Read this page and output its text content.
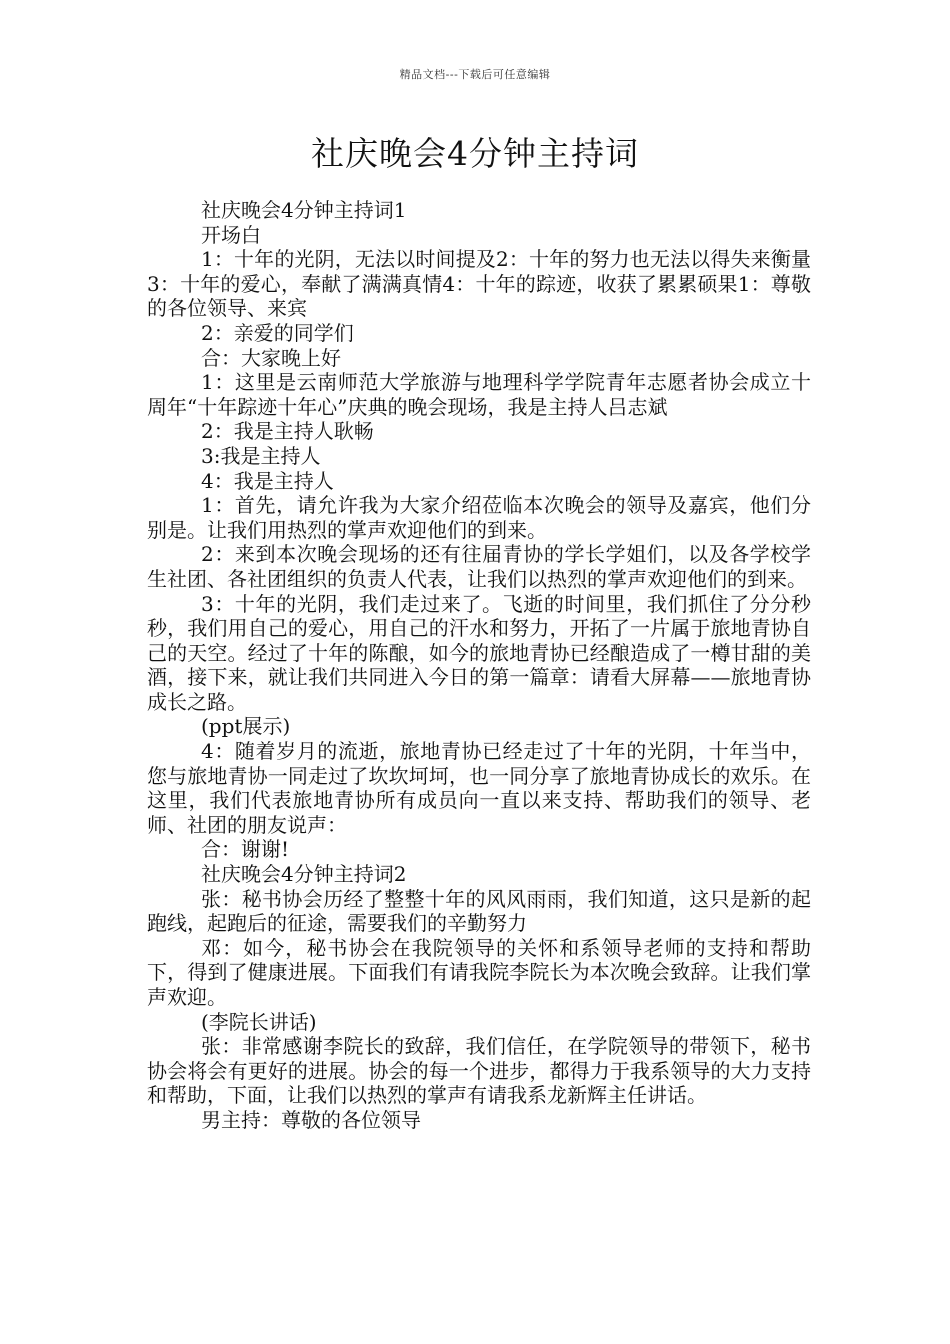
精品文档---下载后可任意编辑
社庆晚会4分钟主持词

社庆晚会4分钟主持词1

开场白

1：十年的光阴，无法以时间提及2：十年的努力也无法以得失来衡量3：十年的爱心，奉献了满满真情4：十年的踪迹，收获了累累硕果1：尊敬的各位领导、来宾

2：亲爱的同学们

合：大家晚上好

1：这里是云南师范大学旅游与地理科学学院青年志愿者协会成立十周年“十年踪迹十年心”庆典的晚会现场，我是主持人吕志斌

2：我是主持人耿畅

3:我是主持人

4：我是主持人

1：首先，请允许我为大家介绍莅临本次晚会的领导及嘉宾，他们分别是。让我们用热烈的掌声欢迎他们的到来。

2：来到本次晚会现场的还有往届青协的学长学姐们，以及各学校学生社团、各社团组织的负责人代表，让我们以热烈的掌声欢迎他们的到来。

3：十年的光阴，我们走过来了。飞逝的时间里，我们抓住了分分秒秒，我们用自己的爱心，用自己的汗水和努力，开拓了一片属于旅地青协自己的天空。经过了十年的陈酿，如今的旅地青协已经酿造成了一樽甘甜的美酒，接下来，就让我们共同进入今日的第一篇章：请看大屏幕——旅地青协成长之路。

(ppt展示)

4：随着岁月的流逝，旅地青协已经走过了十年的光阴，十年当中，您与旅地青协一同走过了坎坎坷坷，也一同分享了旅地青协成长的欢乐。在这里，我们代表旅地青协所有成员向一直以来支持、帮助我们的领导、老师、社团的朋友说声：

合：谢谢!

社庆晚会4分钟主持词2

张：秘书协会历经了整整十年的风风雨雨，我们知道，这只是新的起跑线，起跑后的征途，需要我们的辛勤努力

邓：如今，秘书协会在我院领导的关怀和系领导老师的支持和帮助下，得到了健康进展。下面我们有请我院李院长为本次晚会致辞。让我们掌声欢迎。

(李院长讲话)

张：非常感谢李院长的致辞，我们信任，在学院领导的带领下，秘书协会将会有更好的进展。协会的每一个进步，都得力于我系领导的大力支持和帮助，下面，让我们以热烈的掌声有请我系龙新辉主任讲话。

男主持：尊敬的各位领导
